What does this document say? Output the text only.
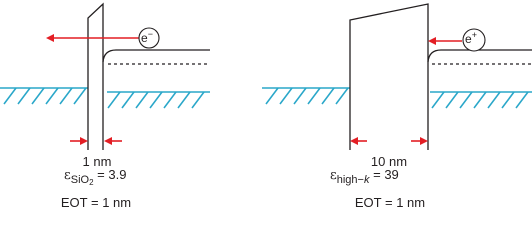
e−	e+
1 nm
$\varepsilon_{SiO2} = 3.9$
EOT = 1 nm
10 nm
$\varepsilon_{high-k} = 39$
EOT = 1 nm
